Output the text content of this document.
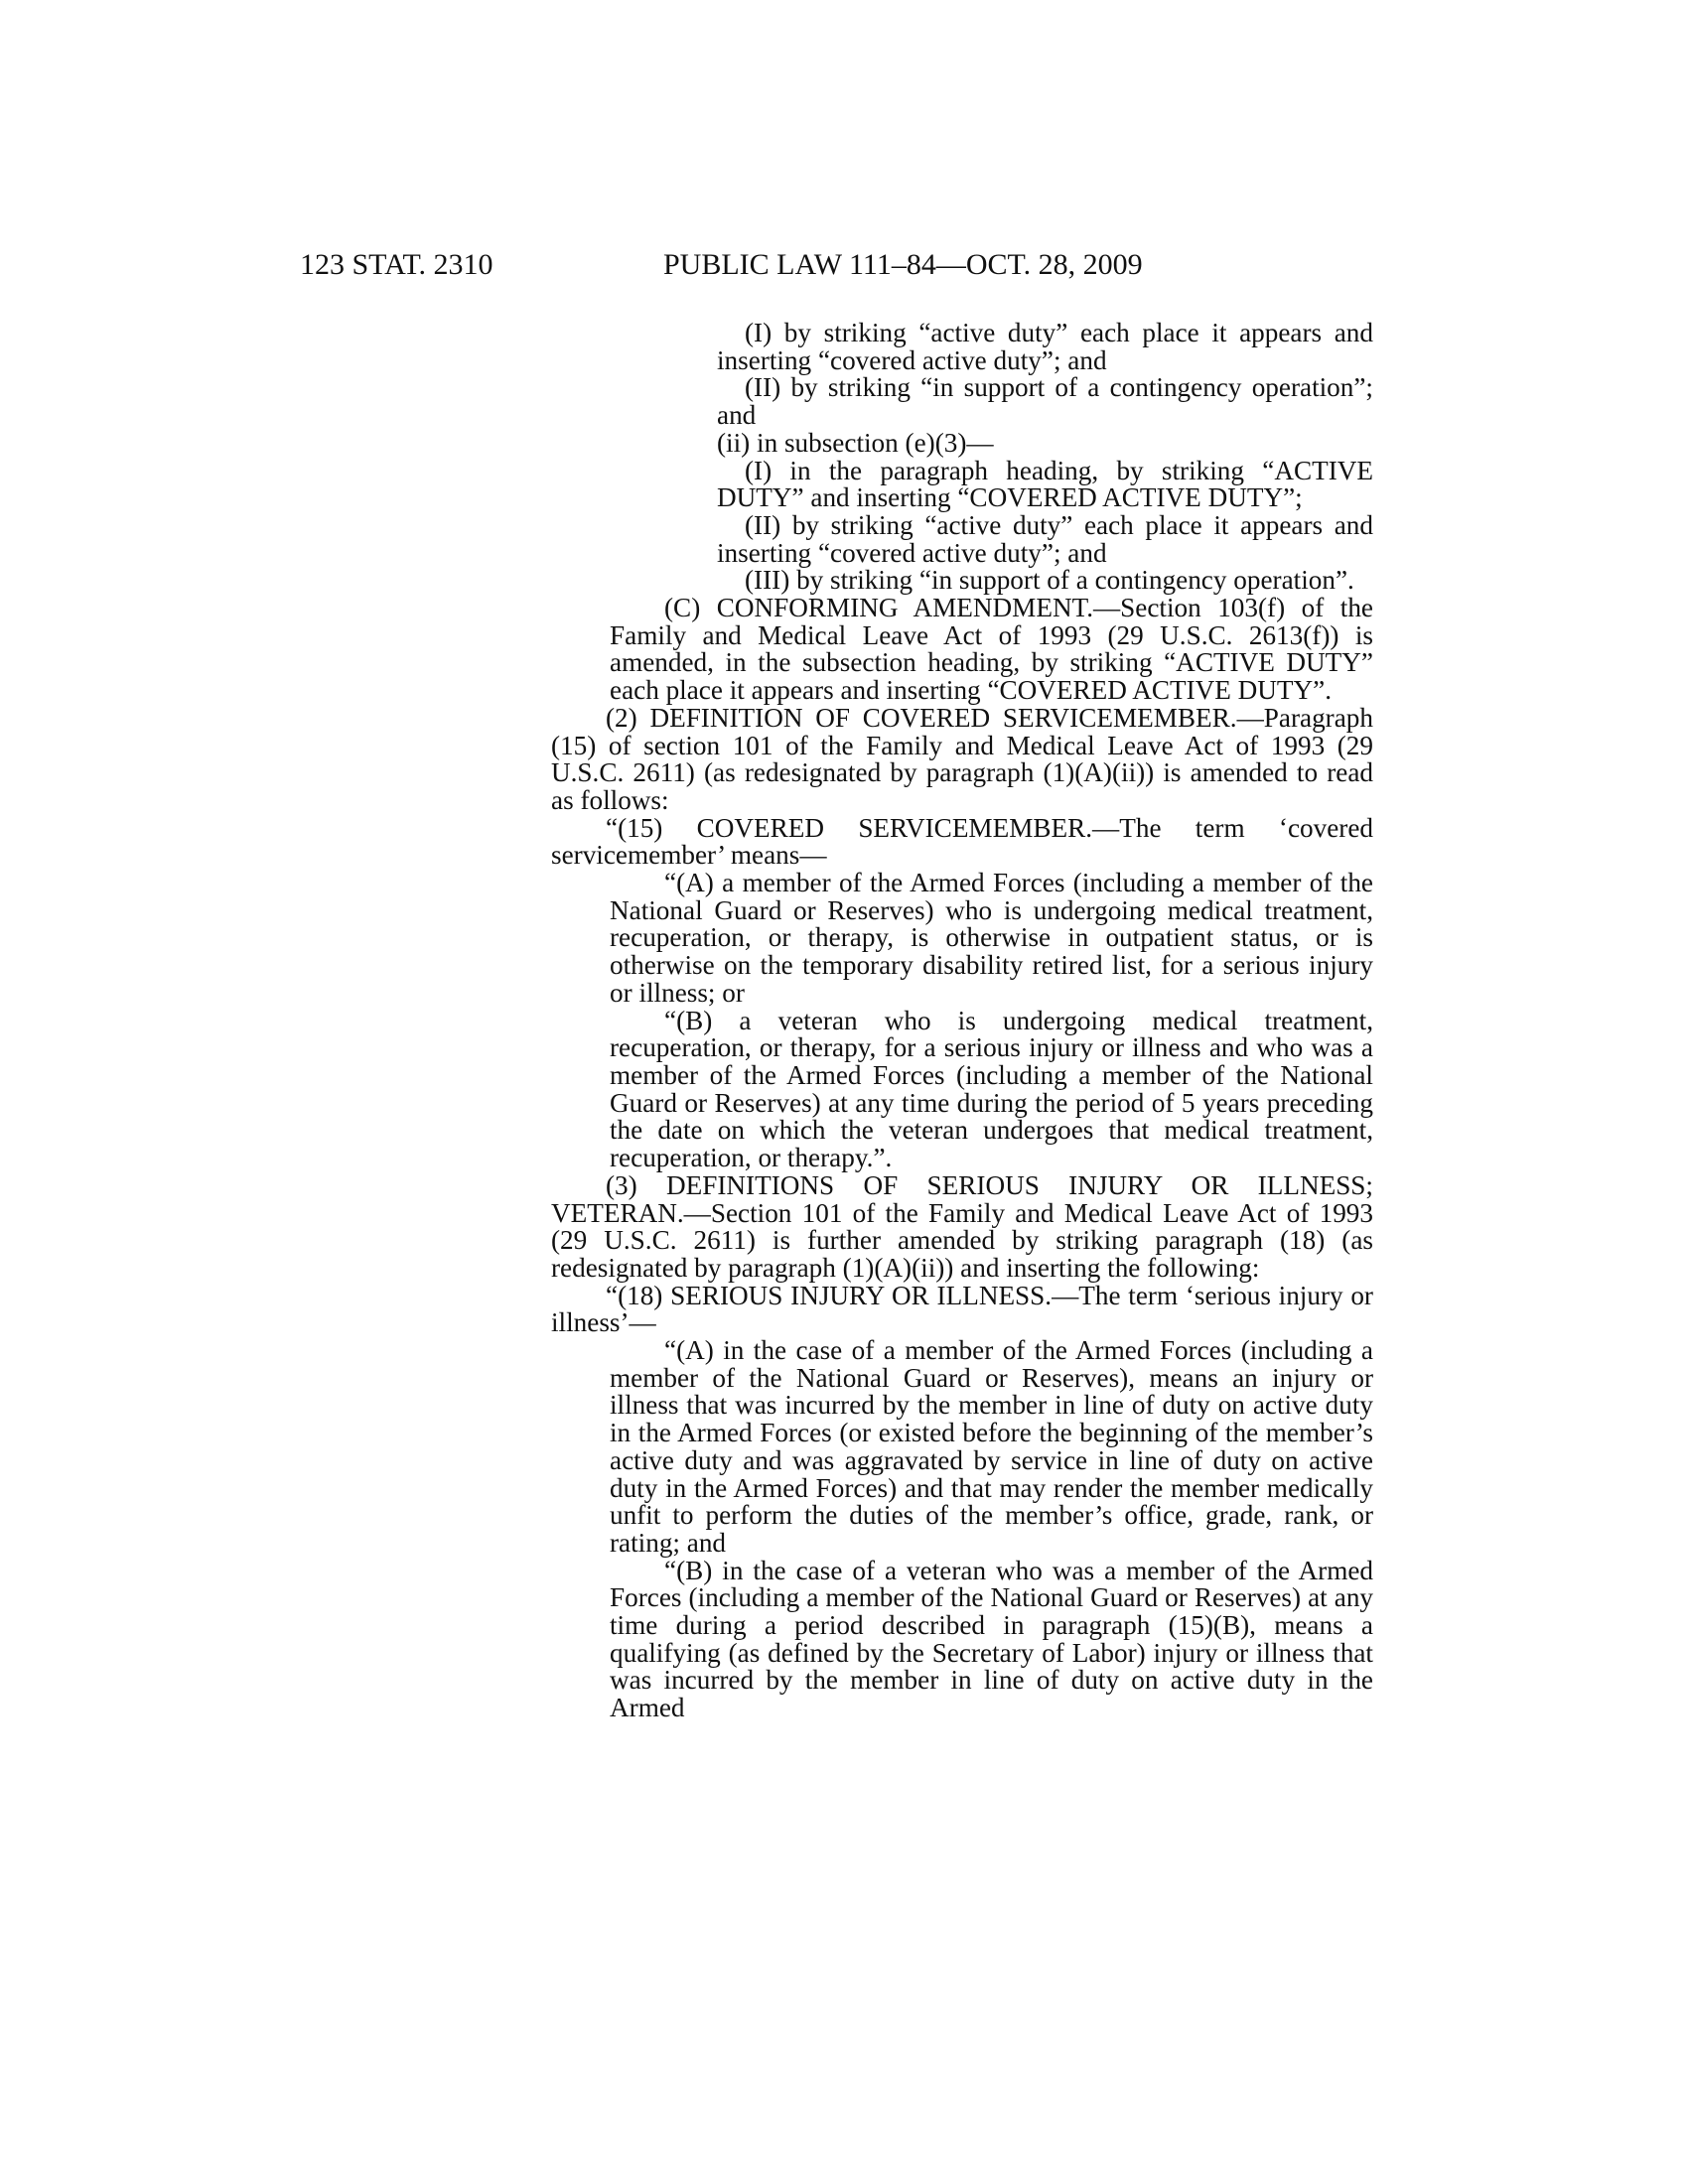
123 STAT. 2310	PUBLIC LAW 111–84—OCT. 28, 2009

(I) by striking “active duty” each place it appears and inserting “covered active duty”; and

(II) by striking “in support of a contingency operation”; and

(ii) in subsection (e)(3)—

(I) in the paragraph heading, by striking “ACTIVE DUTY” and inserting “COVERED ACTIVE DUTY”;

(II) by striking “active duty” each place it appears and inserting “covered active duty”; and

(III) by striking “in support of a contingency operation”.

(C) CONFORMING AMENDMENT.—Section 103(f) of the Family and Medical Leave Act of 1993 (29 U.S.C. 2613(f)) is amended, in the subsection heading, by striking “ACTIVE DUTY” each place it appears and inserting “COVERED ACTIVE DUTY”.

(2) DEFINITION OF COVERED SERVICEMEMBER.—Paragraph (15) of section 101 of the Family and Medical Leave Act of 1993 (29 U.S.C. 2611) (as redesignated by paragraph (1)(A)(ii)) is amended to read as follows:

“(15) COVERED SERVICEMEMBER.—The term ‘covered servicemember’ means—

“(A) a member of the Armed Forces (including a member of the National Guard or Reserves) who is undergoing medical treatment, recuperation, or therapy, is otherwise in outpatient status, or is otherwise on the temporary disability retired list, for a serious injury or illness; or

“(B) a veteran who is undergoing medical treatment, recuperation, or therapy, for a serious injury or illness and who was a member of the Armed Forces (including a member of the National Guard or Reserves) at any time during the period of 5 years preceding the date on which the veteran undergoes that medical treatment, recuperation, or therapy.”.

(3) DEFINITIONS OF SERIOUS INJURY OR ILLNESS; VETERAN.—Section 101 of the Family and Medical Leave Act of 1993 (29 U.S.C. 2611) is further amended by striking paragraph (18) (as redesignated by paragraph (1)(A)(ii)) and inserting the following:

“(18) SERIOUS INJURY OR ILLNESS.—The term ‘serious injury or illness’—

“(A) in the case of a member of the Armed Forces (including a member of the National Guard or Reserves), means an injury or illness that was incurred by the member in line of duty on active duty in the Armed Forces (or existed before the beginning of the member’s active duty and was aggravated by service in line of duty on active duty in the Armed Forces) and that may render the member medically unfit to perform the duties of the member’s office, grade, rank, or rating; and

“(B) in the case of a veteran who was a member of the Armed Forces (including a member of the National Guard or Reserves) at any time during a period described in paragraph (15)(B), means a qualifying (as defined by the Secretary of Labor) injury or illness that was incurred by the member in line of duty on active duty in the Armed
